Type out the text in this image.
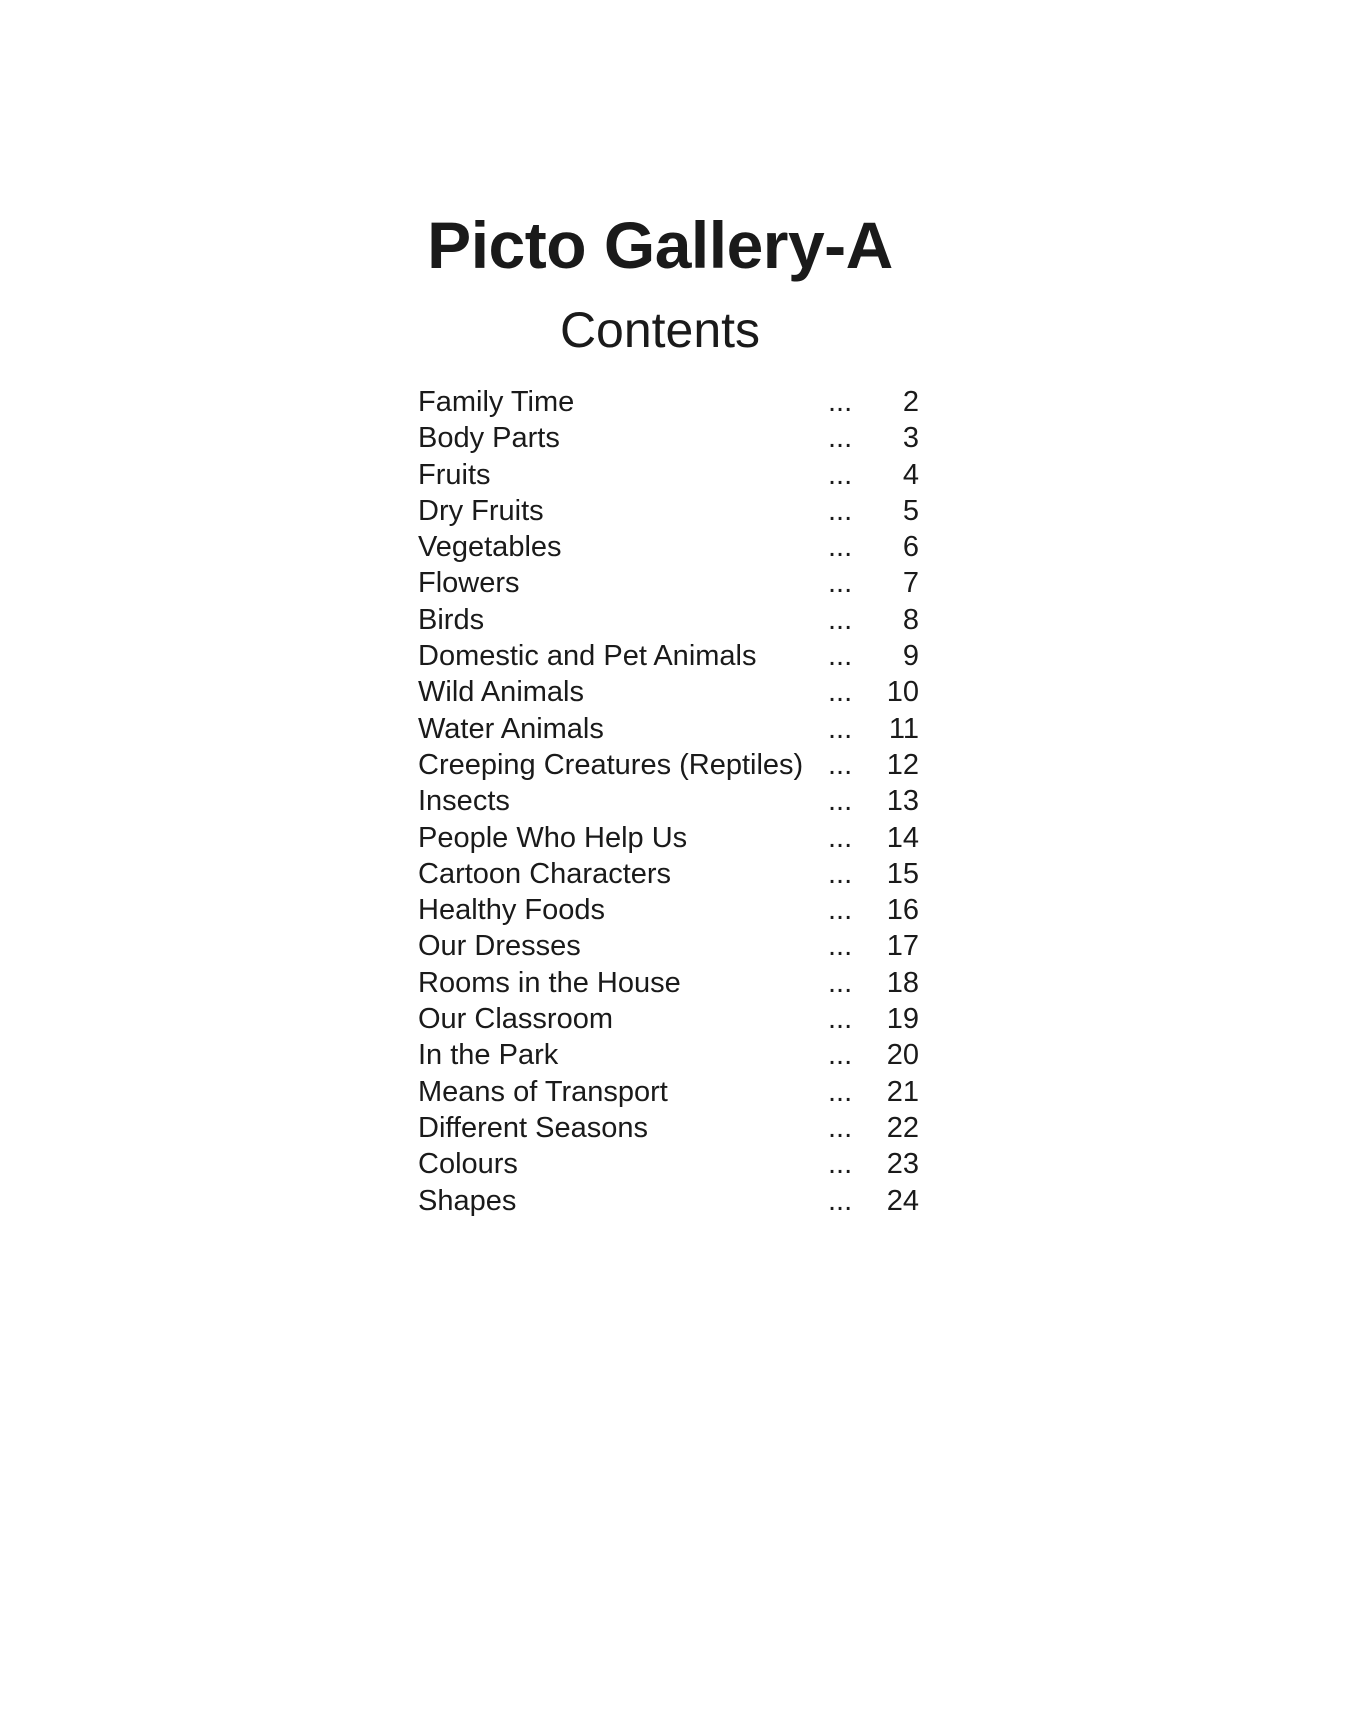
Picto Gallery-A
Contents
Family Time	... 2
Body Parts	... 3
Fruits	... 4
Dry Fruits	... 5
Vegetables	... 6
Flowers	... 7
Birds	... 8
Domestic and Pet Animals ... 9
Wild Animals	... 10
Water Animals	... 11
Creeping Creatures (Reptiles) ... 12
Insects	... 13
People Who Help Us	... 14
Cartoon Characters	... 15
Healthy Foods	... 16
Our Dresses	... 17
Rooms in the House	... 18
Our Classroom	... 19
In the Park	... 20
Means of Transport	... 21
Different Seasons	... 22
Colours	... 23
Shapes	... 24
